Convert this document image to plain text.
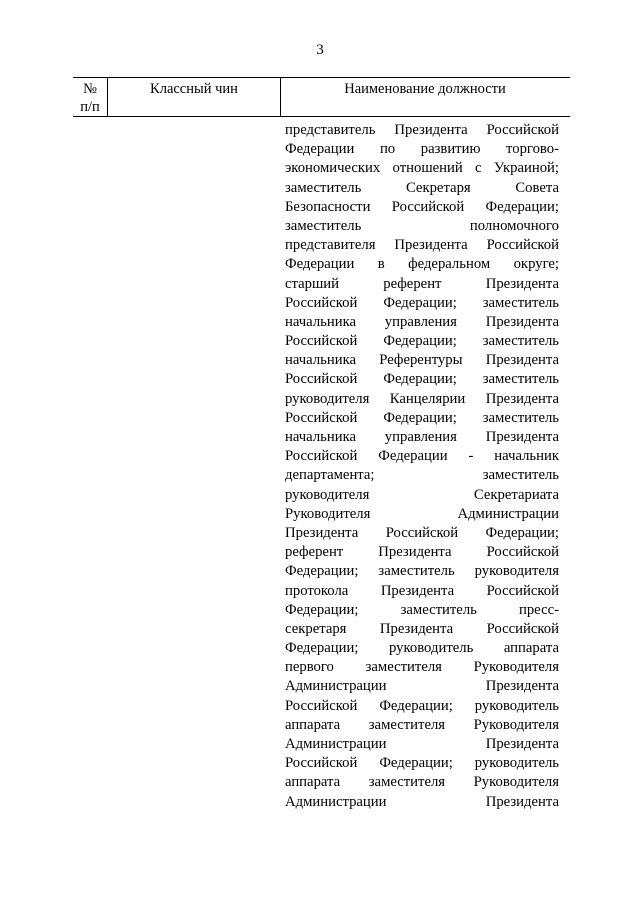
3
№
п/п
Классный чин	Наименование должности
представитель Президента Российской
Федерации по развитию торгово-
экономических отношений с Украиной;
заместитель Секретаря Совета
Безопасности Российской Федерации;
заместитель полномочного
представителя Президента Российской
Федерации в федеральном округе;
старший референт Президента
Российской Федерации; заместитель
начальника управления Президента
Российской Федерации; заместитель
начальника Референтуры Президента
Российской Федерации; заместитель
руководителя Канцелярии Президента
Российской Федерации; заместитель
начальника управления Президента
Российской Федерации - начальник
департамента; заместитель
руководителя Секретариата
Руководителя Администрации
Президента Российской Федерации;
референт Президента Российской
Федерации; заместитель руководителя
протокола Президента Российской
Федерации; заместитель пресс-
секретаря Президента Российской
Федерации; руководитель аппарата
первого заместителя Руководителя
Администрации Президента
Российской Федерации; руководитель
аппарата заместителя Руководителя
Администрации Президента
Российской Федерации; руководитель
аппарата заместителя Руководителя
Администрации Президента
